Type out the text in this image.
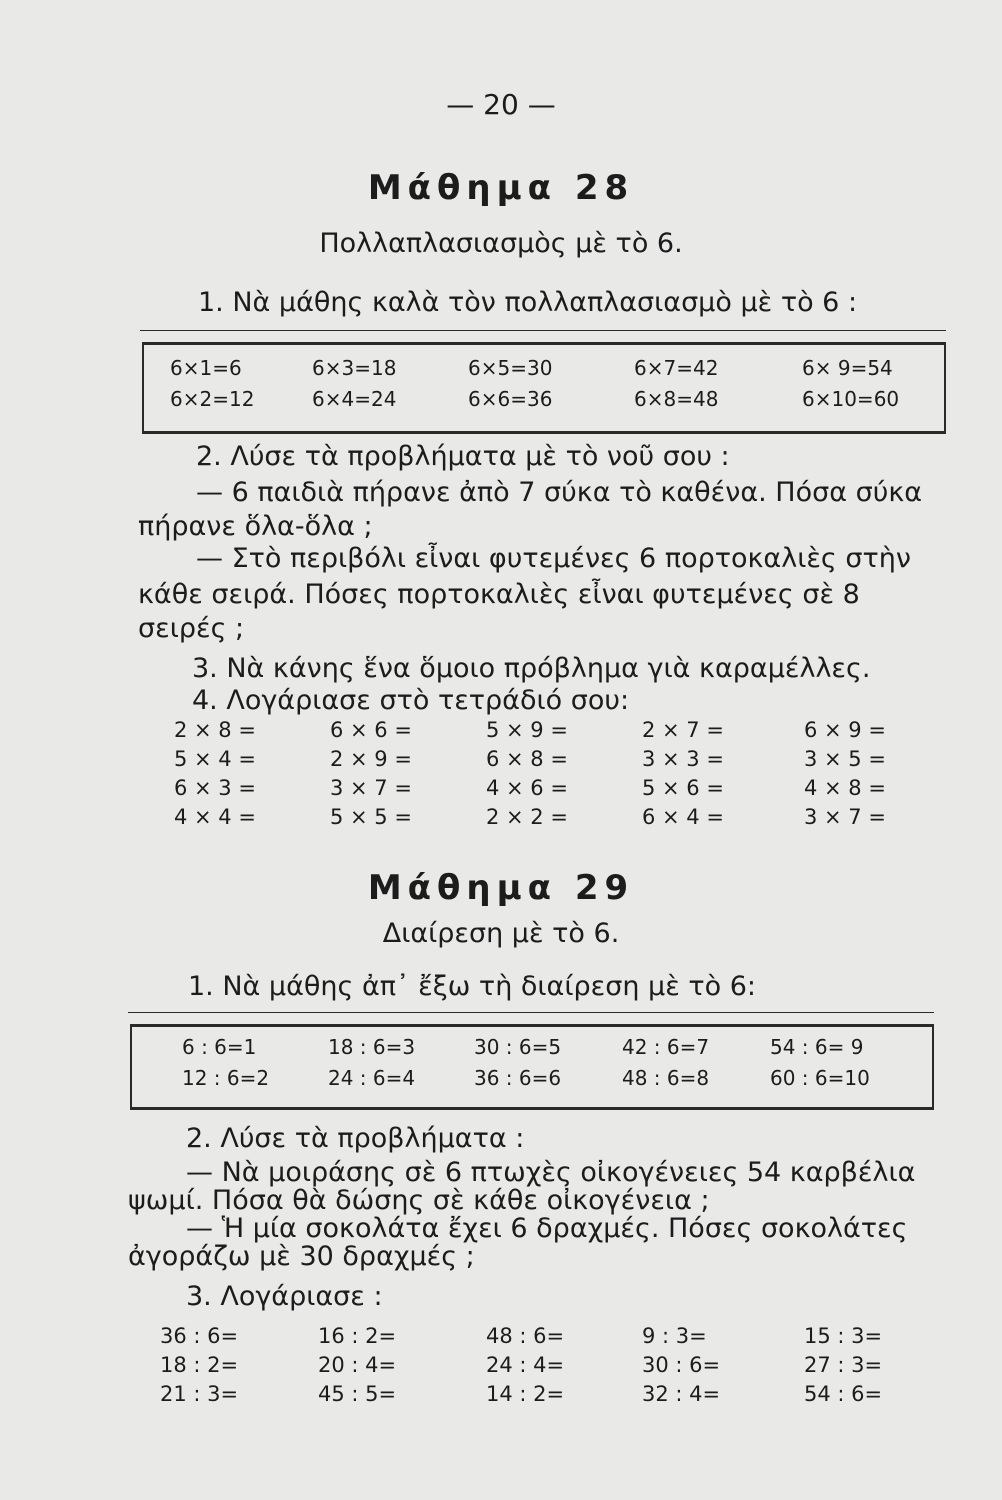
— 20 —
Μάθημα 28
Πολλαπλασιασμὸς μὲ τὸ 6.
1. Νὰ μάθης καλὰ τὸν πολλαπλασιασμὸ μὲ τὸ 6 :
6×1=6	6×3=18	6×5=30	6×7=42	6× 9=54
6×2=12	6×4=24	6×6=36	6×8=48	6×10=60
2. Λύσε τὰ προβλήματα μὲ τὸ νοῦ σου :
— 6 παιδιὰ πήρανε ἀπὸ 7 σύκα τὸ καθένα. Πόσα σύκα
πήρανε ὅλα-ὅλα ;
— Στὸ περιβόλι εἶναι φυτεμένες 6 πορτοκαλιὲς στὴν
κάθε σειρά. Πόσες πορτοκαλιὲς εἶναι φυτεμένες σὲ 8
σειρές ;
3. Νὰ κάνης ἕνα ὅμοιο πρόβλημα γιὰ καραμέλλες.
4. Λογάριασε στὸ τετράδιό σου:
2 × 8 =	6 × 6 =	5 × 9 =	2 × 7 =	6 × 9 =
5 × 4 =	2 × 9 =	6 × 8 =	3 × 3 =	3 × 5 =
6 × 3 =	3 × 7 =	4 × 6 =	5 × 6 =	4 × 8 =
4 × 4 =	5 × 5 =	2 × 2 =	6 × 4 =	3 × 7 =
Μάθημα 29
Διαίρεση μὲ τὸ 6.
1. Νὰ μάθης ἀπ᾿ ἔξω τὴ διαίρεση μὲ τὸ 6:
6 : 6=1	18 : 6=3	30 : 6=5	42 : 6=7	54 : 6= 9
12 : 6=2	24 : 6=4	36 : 6=6	48 : 6=8	60 : 6=10
2. Λύσε τὰ προβλήματα :
— Νὰ μοιράσης σὲ 6 πτωχὲς οἰκογένειες 54 καρβέλια
ψωμί. Πόσα θὰ δώσης σὲ κάθε οἰκογένεια ;
— Ἡ μία σοκολάτα ἔχει 6 δραχμές. Πόσες σοκολάτες
ἀγοράζω μὲ 30 δραχμές ;
3. Λογάριασε :
36 : 6=	16 : 2=	48 : 6=	9 : 3=	15 : 3=
18 : 2=	20 : 4=	24 : 4=	30 : 6=	27 : 3=
21 : 3=	45 : 5=	14 : 2=	32 : 4=	54 : 6=
